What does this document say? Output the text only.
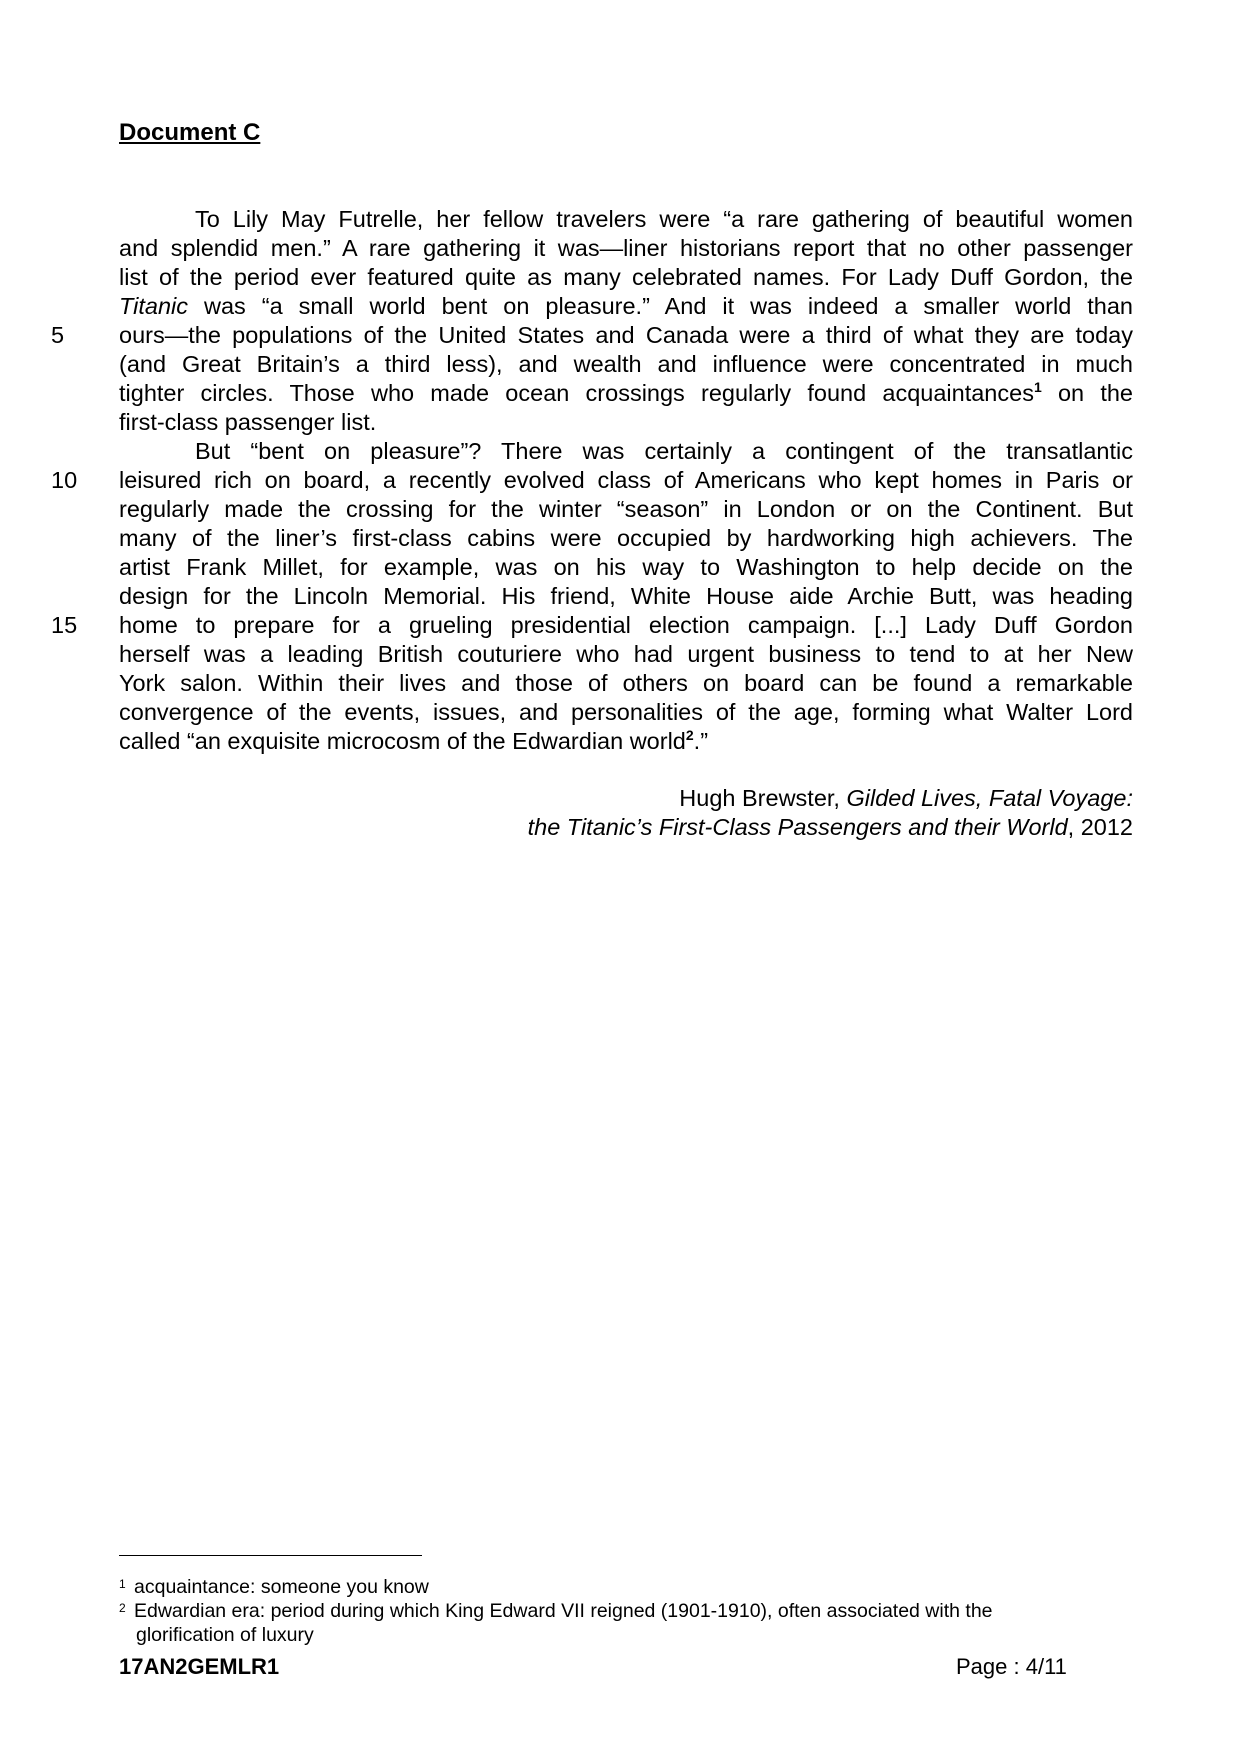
Document C
To Lily May Futrelle, her fellow travelers were “a rare gathering of beautiful women
and splendid men.” A rare gathering it was—liner historians report that no other passenger
list of the period ever featured quite as many celebrated names. For Lady Duff Gordon, the
Titanic was “a small world bent on pleasure.” And it was indeed a smaller world than
5	ours—the populations of the United States and Canada were a third of what they are today
(and Great Britain’s a third less), and wealth and influence were concentrated in much
tighter circles. Those who made ocean crossings regularly found acquaintances$^1$ on the
first-class passenger list.
But “bent on pleasure”? There was certainly a contingent of the transatlantic
10 leisured rich on board, a recently evolved class of Americans who kept homes in Paris or
regularly made the crossing for the winter “season” in London or on the Continent. But
many of the liner’s first-class cabins were occupied by hardworking high achievers. The
artist Frank Millet, for example, was on his way to Washington to help decide on the
design for the Lincoln Memorial. His friend, White House aide Archie Butt, was heading
15 home to prepare for a grueling presidential election campaign. [...] Lady Duff Gordon
herself was a leading British couturiere who had urgent business to tend to at her New
York salon. Within their lives and those of others on board can be found a remarkable
convergence of the events, issues, and personalities of the age, forming what Walter Lord
called “an exquisite microcosm of the Edwardian world$^2$.”
Hugh Brewster, Gilded Lives, Fatal Voyage:
the Titanic’s First-Class Passengers and their World, 2012
1 acquaintance: someone you know
2 Edwardian era: period during which King Edward VII reigned (1901-1910), often associated with the
glorification of luxury
17AN2GEMLR1	Page : 4/11
